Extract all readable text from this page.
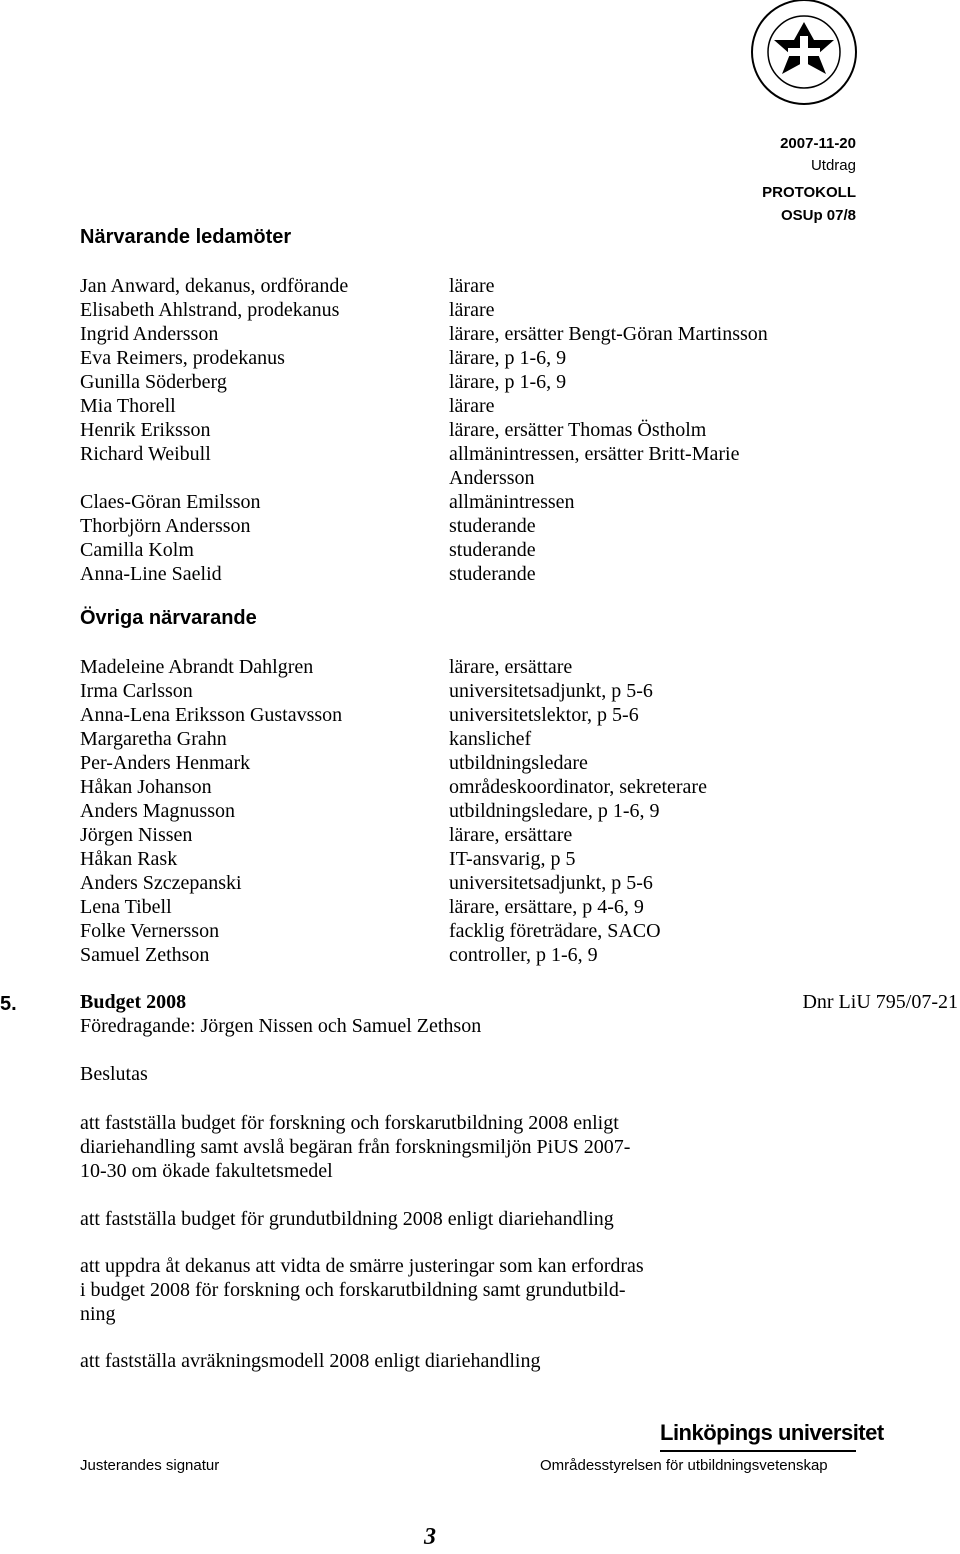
2007-11-20
Utdrag
PROTOKOLL
OSUp 07/8
Närvarande ledamöter
Jan Anward, dekanus, ordförande	lärare
Elisabeth Ahlstrand, prodekanus	lärare
Ingrid Andersson	lärare, ersätter Bengt-Göran Martinsson
Eva Reimers, prodekanus	lärare, p 1-6, 9
Gunilla Söderberg	lärare, p 1-6, 9
Mia Thorell	lärare
Henrik Eriksson	lärare, ersätter Thomas Östholm
Richard Weibull	allmänintressen, ersätter Britt-Marie Andersson
Claes-Göran Emilsson	allmänintressen
Thorbjörn Andersson	studerande
Camilla Kolm	studerande
Anna-Line Saelid	studerande
Övriga närvarande
Madeleine Abrandt Dahlgren	lärare, ersättare
Irma Carlsson	universitetsadjunkt, p 5-6
Anna-Lena Eriksson Gustavsson	universitetslektor, p 5-6
Margaretha Grahn	kanslichef
Per-Anders Henmark	utbildningsledare
Håkan Johanson	områdeskoordinator, sekreterare
Anders Magnusson	utbildningsledare, p 1-6, 9
Jörgen Nissen	lärare, ersättare
Håkan Rask	IT-ansvarig, p 5
Anders Szczepanski	universitetsadjunkt, p 5-6
Lena Tibell	lärare, ersättare, p 4-6, 9
Folke Vernersson	facklig företrädare, SACO
Samuel Zethson	controller, p 1-6, 9
5.	Budget 2008	Dnr LiU 795/07-21
Föredragande: Jörgen Nissen och Samuel Zethson
Beslutas
att fastställa budget för forskning och forskarutbildning 2008 enligt
diariehandling samt avslå begäran från forskningsmiljön PiUS 2007-
10-30 om ökade fakultetsmedel
att fastställa budget för grundutbildning 2008 enligt diariehandling
att uppdra åt dekanus att vidta de smärre justeringar som kan erfordras
i budget 2008 för forskning och forskarutbildning samt grundutbild-
ning
att fastställa avräkningsmodell 2008 enligt diariehandling
Linköpings universitet
Justerandes signatur	Områdesstyrelsen för utbildningsvetenskap
3
